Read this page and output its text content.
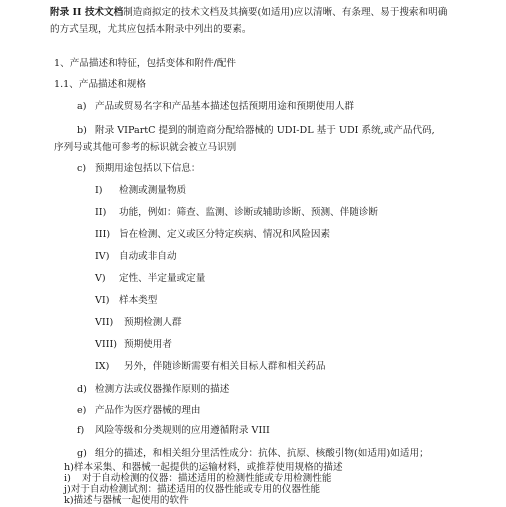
附录 II 技术文档制造商拟定的技术文档及其摘要(如适用)应以清晰、有条理、易于搜索和明确的方式呈现，尤其应包括本附录中列出的要素。
1、产品描述和特征，包括变体和附件/配件
1.1、产品描述和规格
a) 产品或贸易名字和产品基本描述包括预期用途和预期使用人群
b) 附录 VIPartC 提到的制造商分配给器械的 UDI-DL 基于 UDI 系统,或产品代码,
序列号或其他可参考的标识就会被立马识别
c) 预期用途包括以下信息：
I) 检测或测量物质
II) 功能，例如：筛查、监测、诊断或辅助诊断、预测、伴随诊断
III) 旨在检测、定义或区分特定疾病、情况和风险因素
IV) 自动或非自动
V) 定性、半定量或定量
VI) 样本类型
VII) 预期检测人群
VIII) 预期使用者
IX) 另外，伴随诊断需要有相关目标人群和相关药品
d) 检测方法或仪器操作原则的描述
e) 产品作为医疗器械的理由
f) 风险等级和分类规则的应用遵循附录 VIII
g) 组分的描述，和相关组分里活性成分：抗体、抗原、核酸引物(如适用)如适用；
h)样本采集、和器械一起提供的运输材料，或推荐使用规格的描述
i) 对于自动检测的仪器：描述适用的检测性能或专用检测性能
j)对于自动检测试剂：描述适用的仪器性能或专用的仪器性能
k)描述与器械一起使用的软件
